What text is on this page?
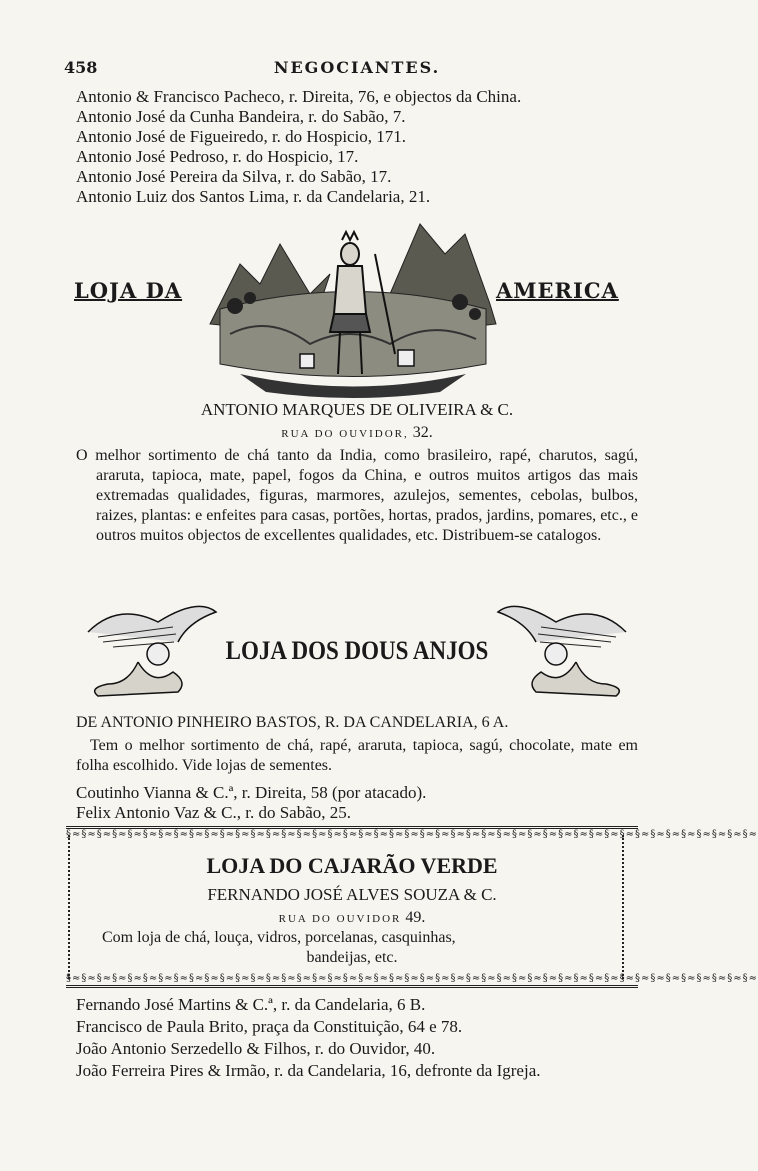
458	NEGOCIANTES.
Antonio & Francisco Pacheco, r. Direita, 76, e objectos da China.
Antonio José da Cunha Bandeira, r. do Sabão, 7.
Antonio José de Figueiredo, r. do Hospicio, 171.
Antonio José Pedroso, r. do Hospicio, 17.
Antonio José Pereira da Silva, r. do Sabão, 17.
Antonio Luiz dos Santos Lima, r. da Candelaria, 21.
LOJA DA	AMERICA
ANTONIO MARQUES DE OLIVEIRA & C.
RUA DO OUVIDOR, 32.

O melhor sortimento de chá tanto da India, como brasileiro, rapé, charutos, sagú, araruta, tapioca, mate, papel, fogos da China, e outros muitos artigos das mais extremadas qualidades, figuras, marmores, azulejos, sementes, cebolas, bulbos, raizes, plantas: e enfeites para casas, portões, hortas, prados, jardins, pomares, etc., e outros muitos objectos de excellentes qualidades, etc. Distribuem-se catalogos.

LOJA DOS DOUS ANJOS
DE ANTONIO PINHEIRO BASTOS, R. DA CANDELARIA, 6 A.

Tem o melhor sortimento de chá, rapé, araruta, tapioca, sagú, chocolate, mate em folha escolhido. Vide lojas de sementes.

Coutinho Vianna & C.ª, r. Direita, 58 (por atacado).
Felix Antonio Vaz & C., r. do Sabão, 25.
§≈§≈§≈§≈§≈§≈§≈§≈§≈§≈§≈§≈§≈§≈§≈§≈§≈§≈§≈§≈§≈§≈§≈§≈§≈§≈§≈§≈§≈§≈§≈§≈§≈§≈§≈§≈§≈§≈§≈§≈§≈§≈§≈§≈§≈
§≈§≈§≈§≈§≈§≈§≈§≈§≈§≈§≈§≈§≈§≈§≈§≈§≈§≈§≈§≈§≈§≈§≈§≈§≈§≈§≈§≈§≈§≈§≈§≈§≈§≈§≈§≈§≈§≈§≈§≈§≈§≈§≈§≈§≈
LOJA DO CAJARÃO VERDE
FERNANDO JOSÉ ALVES SOUZA & C.
RUA DO OUVIDOR 49.
Com loja de chá, louça, vidros, porcelanas, casquinhas,
bandeijas, etc.
Fernando José Martins & C.ª, r. da Candelaria, 6 B.
Francisco de Paula Brito, praça da Constituição, 64 e 78.
João Antonio Serzedello & Filhos, r. do Ouvidor, 40.
João Ferreira Pires & Irmão, r. da Candelaria, 16, defronte da Igreja.
